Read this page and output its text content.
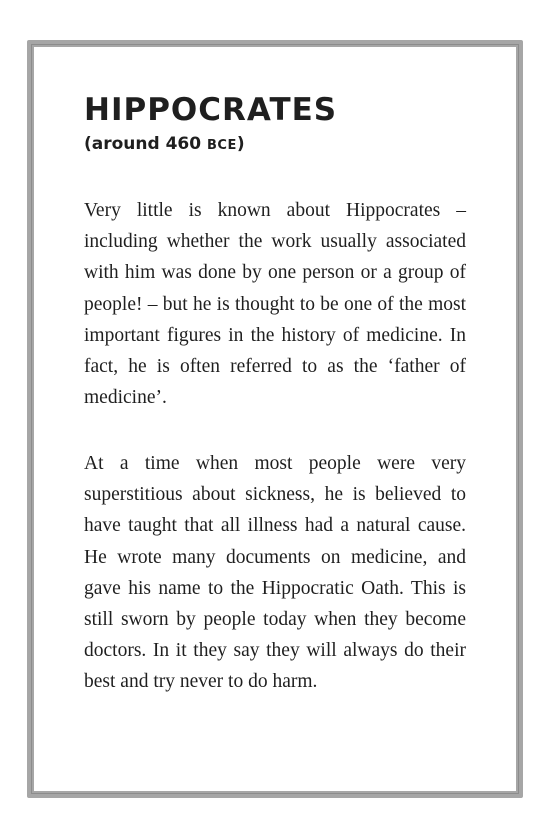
HIPPOCRATES

(around 460 BCE)

Very little is known about Hippocrates – including whether the work usually associated with him was done by one person or a group of people! – but he is thought to be one of the most important figures in the history of medicine. In fact, he is often referred to as the ‘father of medicine’.

At a time when most people were very superstitious about sickness, he is believed to have taught that all illness had a natural cause. He wrote many documents on medicine, and gave his name to the Hippocratic Oath. This is still sworn by people today when they become doctors. In it they say they will always do their best and try never to do harm.
